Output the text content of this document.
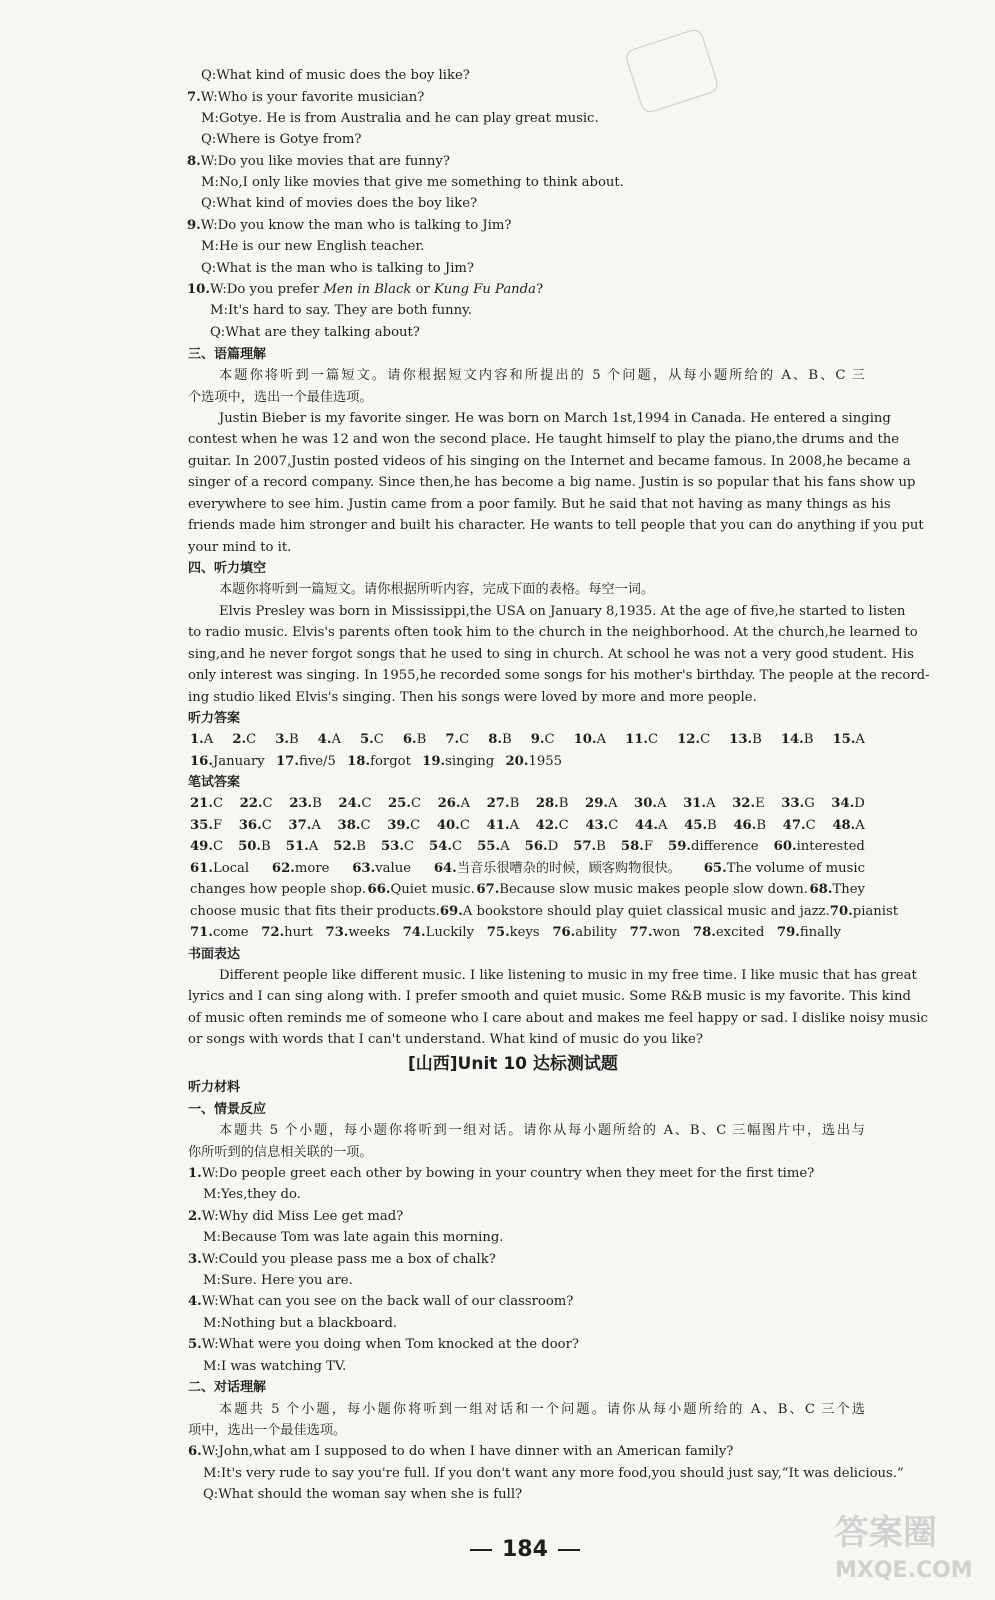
Q:What kind of music does the boy like?
7.W:Who is your favorite musician?
M:Gotye. He is from Australia and he can play great music.
Q:Where is Gotye from?
8.W:Do you like movies that are funny?
M:No,I only like movies that give me something to think about.
Q:What kind of movies does the boy like?
9.W:Do you know the man who is talking to Jim?
M:He is our new English teacher.
Q:What is the man who is talking to Jim?
10.W:Do you prefer Men in Black or Kung Fu Panda?
M:It's hard to say. They are both funny.
Q:What are they talking about?
三、语篇理解
本题你将听到一篇短文。请你根据短文内容和所提出的 5 个问题，从每小题所给的 A、B、C 三
个选项中，选出一个最佳选项。
Justin Bieber is my favorite singer. He was born on March 1st,1994 in Canada. He entered a singing
contest when he was 12 and won the second place. He taught himself to play the piano,the drums and the
guitar. In 2007,Justin posted videos of his singing on the Internet and became famous. In 2008,he became a
singer of a record company. Since then,he has become a big name. Justin is so popular that his fans show up
everywhere to see him. Justin came from a poor family. But he said that not having as many things as his
friends made him stronger and built his character. He wants to tell people that you can do anything if you put
your mind to it.
四、听力填空
本题你将听到一篇短文。请你根据所听内容，完成下面的表格。每空一词。
Elvis Presley was born in Mississippi,the USA on January 8,1935. At the age of five,he started to listen
to radio music. Elvis's parents often took him to the church in the neighborhood. At the church,he learned to
sing,and he never forgot songs that he used to sing in church. At school he was not a very good student. His
only interest was singing. In 1955,he recorded some songs for his mother's birthday. The people at the record-
ing studio liked Elvis's singing. Then his songs were loved by more and more people.
听力答案
1.A 2.C 3.B 4.A 5.C 6.B 7.C 8.B 9.C 10.A 11.C 12.C 13.B 14.B 15.A
16.January 17.five/5 18.forgot 19.singing 20.1955
笔试答案
21.C 22.C 23.B 24.C 25.C 26.A 27.B 28.B 29.A 30.A 31.A 32.E 33.G 34.D
35.F 36.C 37.A 38.C 39.C 40.C 41.A 42.C 43.C 44.A 45.B 46.B 47.C 48.A
49.C 50.B 51.A 52.B 53.C 54.C 55.A 56.D 57.B 58.F 59.difference 60.interested
61.Local 62.more 63.value 64.当音乐很嘈杂的时候，顾客购物很快。 65.The volume of music
changes how people shop. 66.Quiet music. 67.Because slow music makes people slow down. 68.They
choose music that fits their products. 69.A bookstore should play quiet classical music and jazz. 70.pianist
71.come 72.hurt 73.weeks 74.Luckily 75.keys 76.ability 77.won 78.excited 79.finally
书面表达
Different people like different music. I like listening to music in my free time. I like music that has great
lyrics and I can sing along with. I prefer smooth and quiet music. Some R&B music is my favorite. This kind
of music often reminds me of someone who I care about and makes me feel happy or sad. I dislike noisy music
or songs with words that I can't understand. What kind of music do you like?
[山西]Unit 10 达标测试题
听力材料
一、情景反应
本题共 5 个小题，每小题你将听到一组对话。请你从每小题所给的 A、B、C 三幅图片中，选出与
你所听到的信息相关联的一项。
1.W:Do people greet each other by bowing in your country when they meet for the first time?
M:Yes,they do.
2.W:Why did Miss Lee get mad?
M:Because Tom was late again this morning.
3.W:Could you please pass me a box of chalk?
M:Sure. Here you are.
4.W:What can you see on the back wall of our classroom?
M:Nothing but a blackboard.
5.W:What were you doing when Tom knocked at the door?
M:I was watching TV.
二、对话理解
本题共 5 个小题，每小题你将听到一组对话和一个问题。请你从每小题所给的 A、B、C 三个选
项中，选出一个最佳选项。
6.W:John,what am I supposed to do when I have dinner with an American family?
M:It's very rude to say you're full. If you don't want any more food,you should just say,“It was delicious.”
Q:What should the woman say when she is full?
184	答案圈
MXQE.COM
